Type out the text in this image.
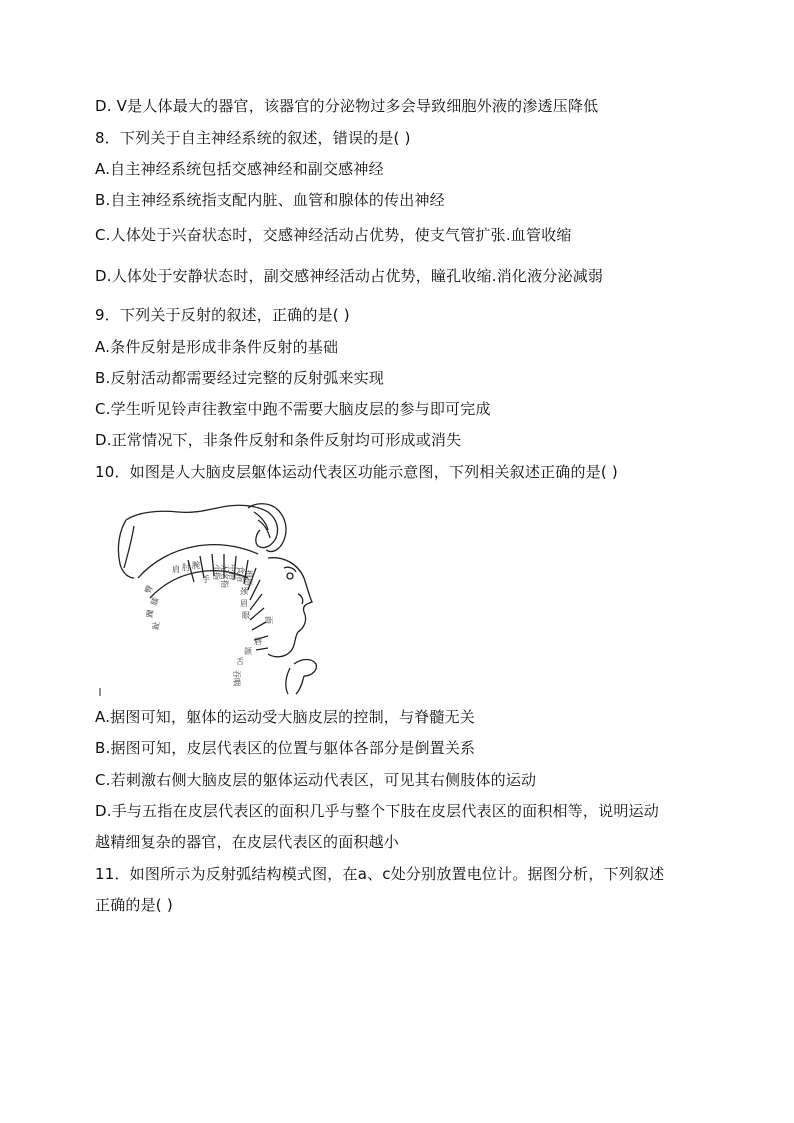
D. Ⅴ是人体最大的器官，该器官的分泌物过多会导致细胞外液的渗透压降低
8．下列关于自主神经系统的叙述，错误的是( )
A.自主神经系统包括交感神经和副交感神经
B.自主神经系统指支配内脏、血管和腺体的传出神经
C.人体处于兴奋状态时，交感神经活动占优势，使支气管扩张.血管收缩
D.人体处于安静状态时，副交感神经活动占优势，瞳孔收缩.消化液分泌减弱
9．下列关于反射的叙述，正确的是( )
A.条件反射是形成非条件反射的基础
B.反射活动都需要经过完整的反射弧来实现
C.学生听见铃声往教室中跑不需要大脑皮层的参与即可完成
D.正常情况下，非条件反射和条件反射均可形成或消失
10．如图是人大脑皮层躯体运动代表区功能示意图，下列相关叙述正确的是( )
臀
膝
踝
趾
肩 肘 腕
手 小指 无名指 中指 食指 拇指
颈
眉
眼 面
唇
颌
舌
吞咽
A.据图可知，躯体的运动受大脑皮层的控制，与脊髓无关
B.据图可知，皮层代表区的位置与躯体各部分是倒置关系
C.若刺激右侧大脑皮层的躯体运动代表区，可见其右侧肢体的运动
D.手与五指在皮层代表区的面积几乎与整个下肢在皮层代表区的面积相等，说明运动
越精细复杂的器官，在皮层代表区的面积越小
11．如图所示为反射弧结构模式图，在a、c处分别放置电位计。据图分析，下列叙述
正确的是( )
